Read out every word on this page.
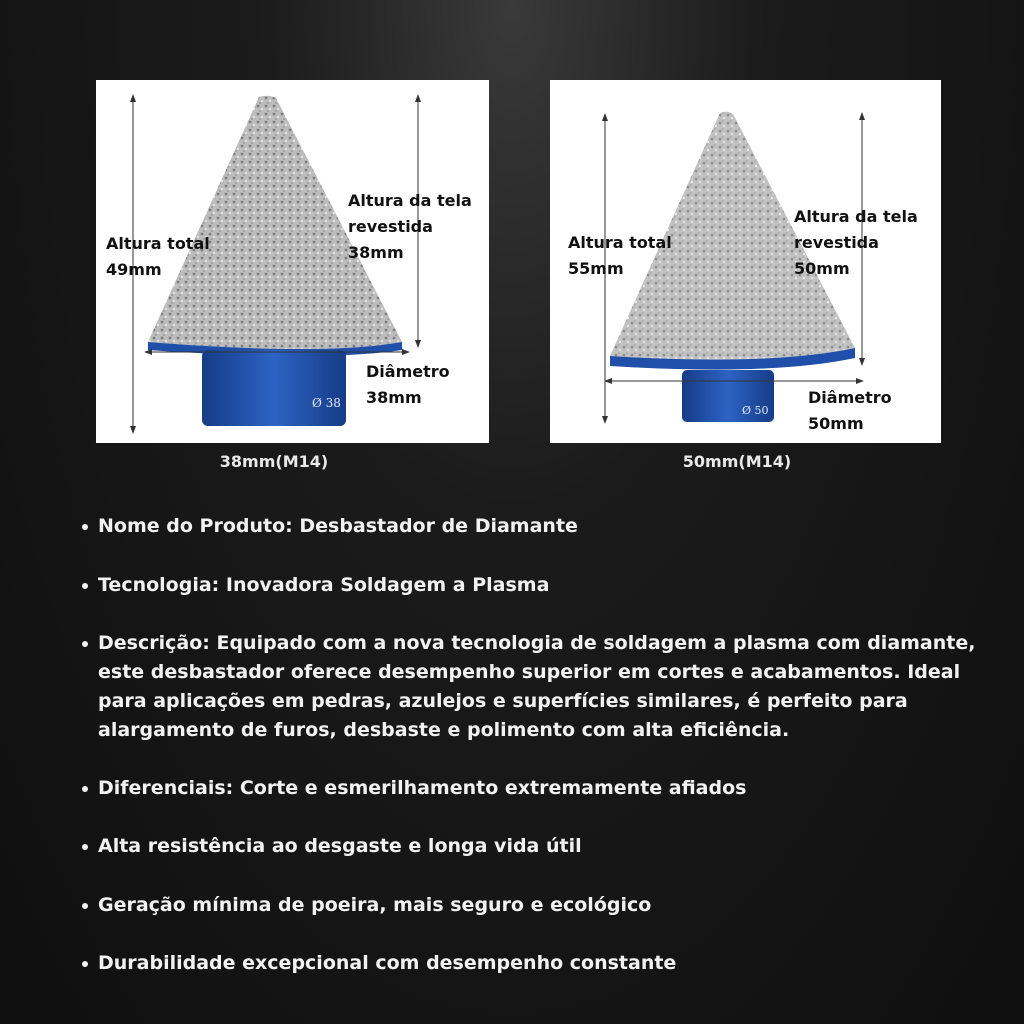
Ø 38
Altura total
49mm
Altura da tela
revestida
38mm
Diâmetro
38mm
Ø 50
Altura total
55mm
Altura da tela
revestida
50mm
Diâmetro
50mm
38mm(M14)	50mm(M14)
Nome do Produto: Desbastador de Diamante
Tecnologia: Inovadora Soldagem a Plasma
Descrição: Equipado com a nova tecnologia de soldagem a plasma com diamante, este desbastador oferece desempenho superior em cortes e acabamentos. Ideal para aplicações em pedras, azulejos e superfícies similares, é perfeito para alargamento de furos, desbaste e polimento com alta eficiência.
Diferenciais: Corte e esmerilhamento extremamente afiados
Alta resistência ao desgaste e longa vida útil
Geração mínima de poeira, mais seguro e ecológico
Durabilidade excepcional com desempenho constante
